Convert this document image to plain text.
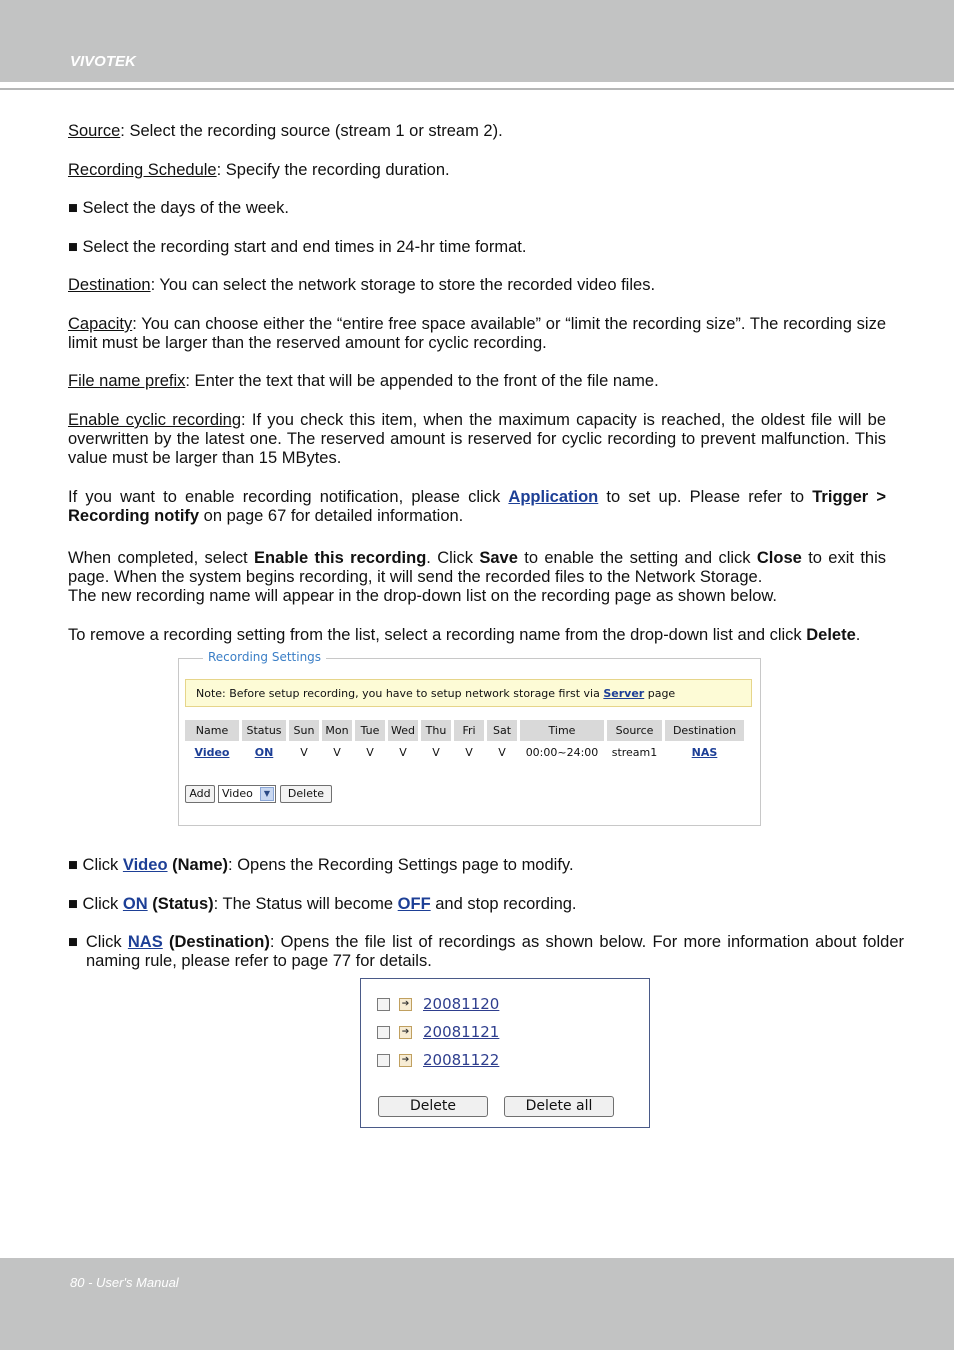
VIVOTEK
Source: Select the recording source (stream 1 or stream 2).
Recording Schedule: Specify the recording duration.
■ Select the days of the week.
■ Select the recording start and end times in 24-hr time format.
Destination: You can select the network storage to store the recorded video files.
Capacity: You can choose either the “entire free space available” or “limit the recording size”. The recording size limit must be larger than the reserved amount for cyclic recording.
File name prefix: Enter the text that will be appended to the front of the file name.
Enable cyclic recording: If you check this item, when the maximum capacity is reached, the oldest file will be overwritten by the latest one. The reserved amount is reserved for cyclic recording to prevent malfunction. This value must be larger than 15 MBytes.
If you want to enable recording notification, please click Application to set up. Please refer to Trigger > Recording notify on page 67 for detailed information.
When completed, select Enable this recording. Click Save to enable the setting and click Close to exit this page. When the system begins recording, it will send the recorded files to the Network Storage.
The new recording name will appear in the drop-down list on the recording page as shown below.
To remove a recording setting from the list, select a recording name from the drop-down list and click Delete.
Recording Settings
Note: Before setup recording, you have to setup network storage first via Server page
Name	Status	Sun	Mon	Tue	Wed	Thu	Fri	Sat	Time	Source	Destination
Video	ON	V	V	V	V	V	V	V	00:00~24:00	stream1	NAS
Add	Video	▼	Delete
■ Click Video (Name): Opens the Recording Settings page to modify.
■ Click ON (Status): The Status will become OFF and stop recording.
■ Click NAS (Destination): Opens the file list of recordings as shown below. For more information about folder naming rule, please refer to page 77 for details.
➔ 20081120
➔ 20081121
➔ 20081122
Delete	Delete all
80 - User's Manual
